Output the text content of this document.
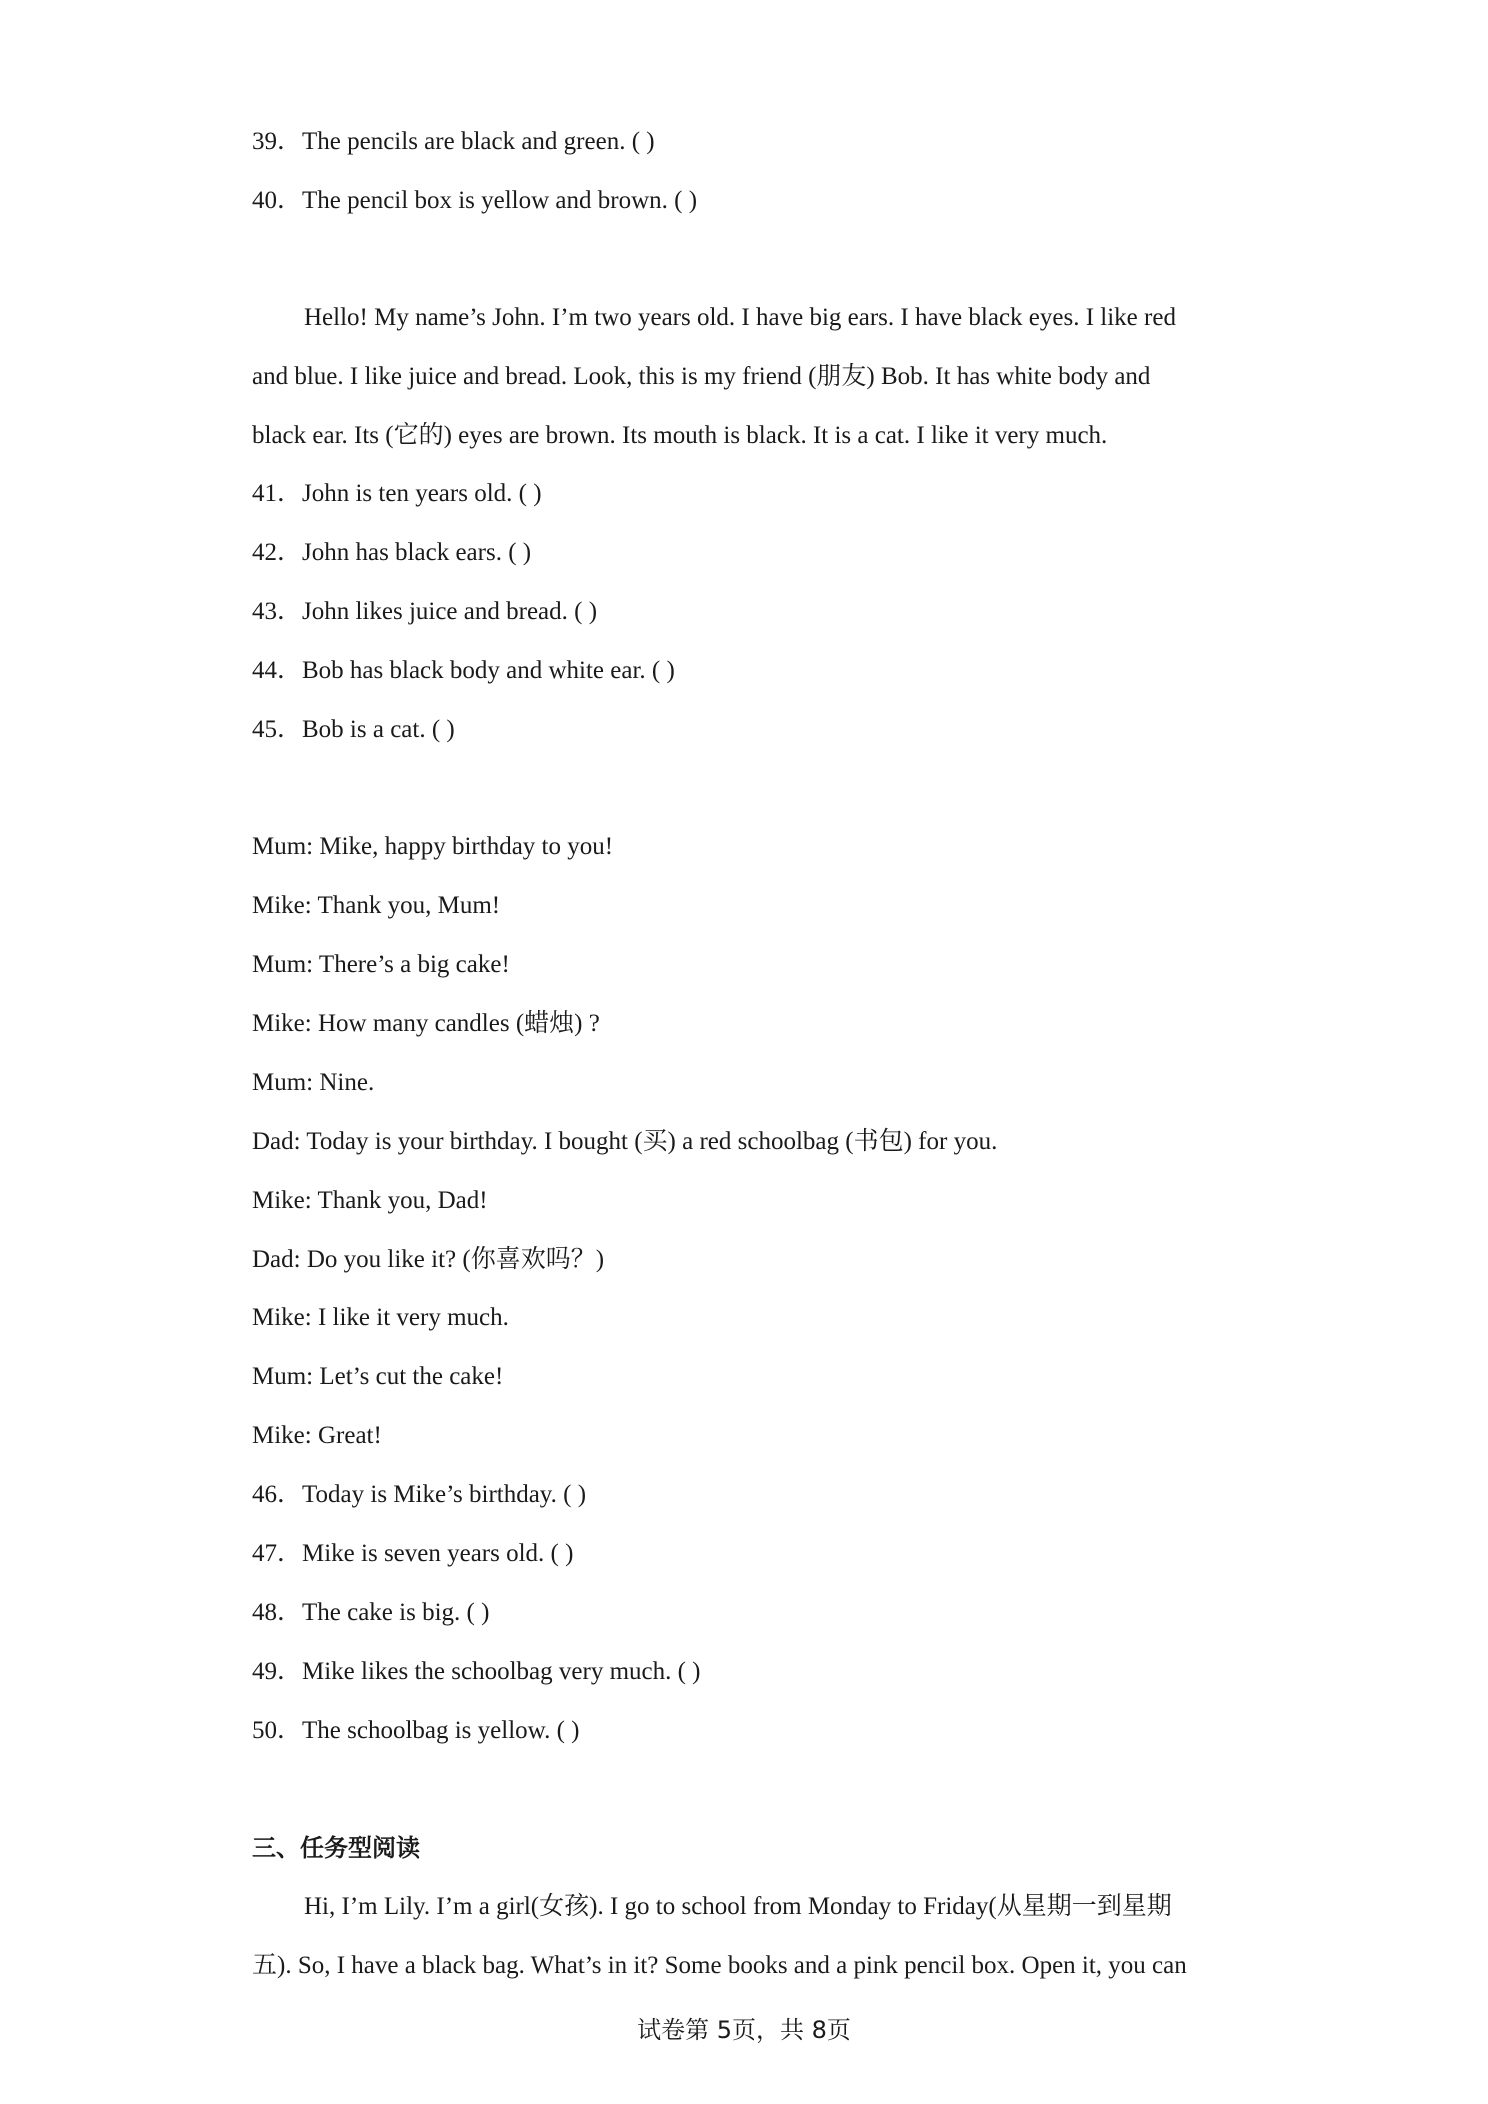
39．The pencils are black and green. ( )
40．The pencil box is yellow and brown. ( )
Hello! My name’s John. I’m two years old. I have big ears. I have black eyes. I like red
and blue. I like juice and bread. Look, this is my friend (朋友) Bob. It has white body and
black ear. Its (它的) eyes are brown. Its mouth is black. It is a cat. I like it very much.
41．John is ten years old. ( )
42．John has black ears. ( )
43．John likes juice and bread. ( )
44．Bob has black body and white ear. ( )
45．Bob is a cat. ( )
Mum: Mike, happy birthday to you!
Mike: Thank you, Mum!
Mum: There’s a big cake!
Mike: How many candles (蜡烛) ?
Mum: Nine.
Dad: Today is your birthday. I bought (买) a red schoolbag (书包) for you.
Mike: Thank you, Dad!
Dad: Do you like it? (你喜欢吗？)
Mike: I like it very much.
Mum: Let’s cut the cake!
Mike: Great!
46．Today is Mike’s birthday. ( )
47．Mike is seven years old. ( )
48．The cake is big. ( )
49．Mike likes the schoolbag very much. ( )
50．The schoolbag is yellow. ( )
三、任务型阅读
Hi, I’m Lily. I’m a girl(女孩). I go to school from Monday to Friday(从星期一到星期
五). So, I have a black bag. What’s in it? Some books and a pink pencil box. Open it, you can
试卷第 5页，共 8页
